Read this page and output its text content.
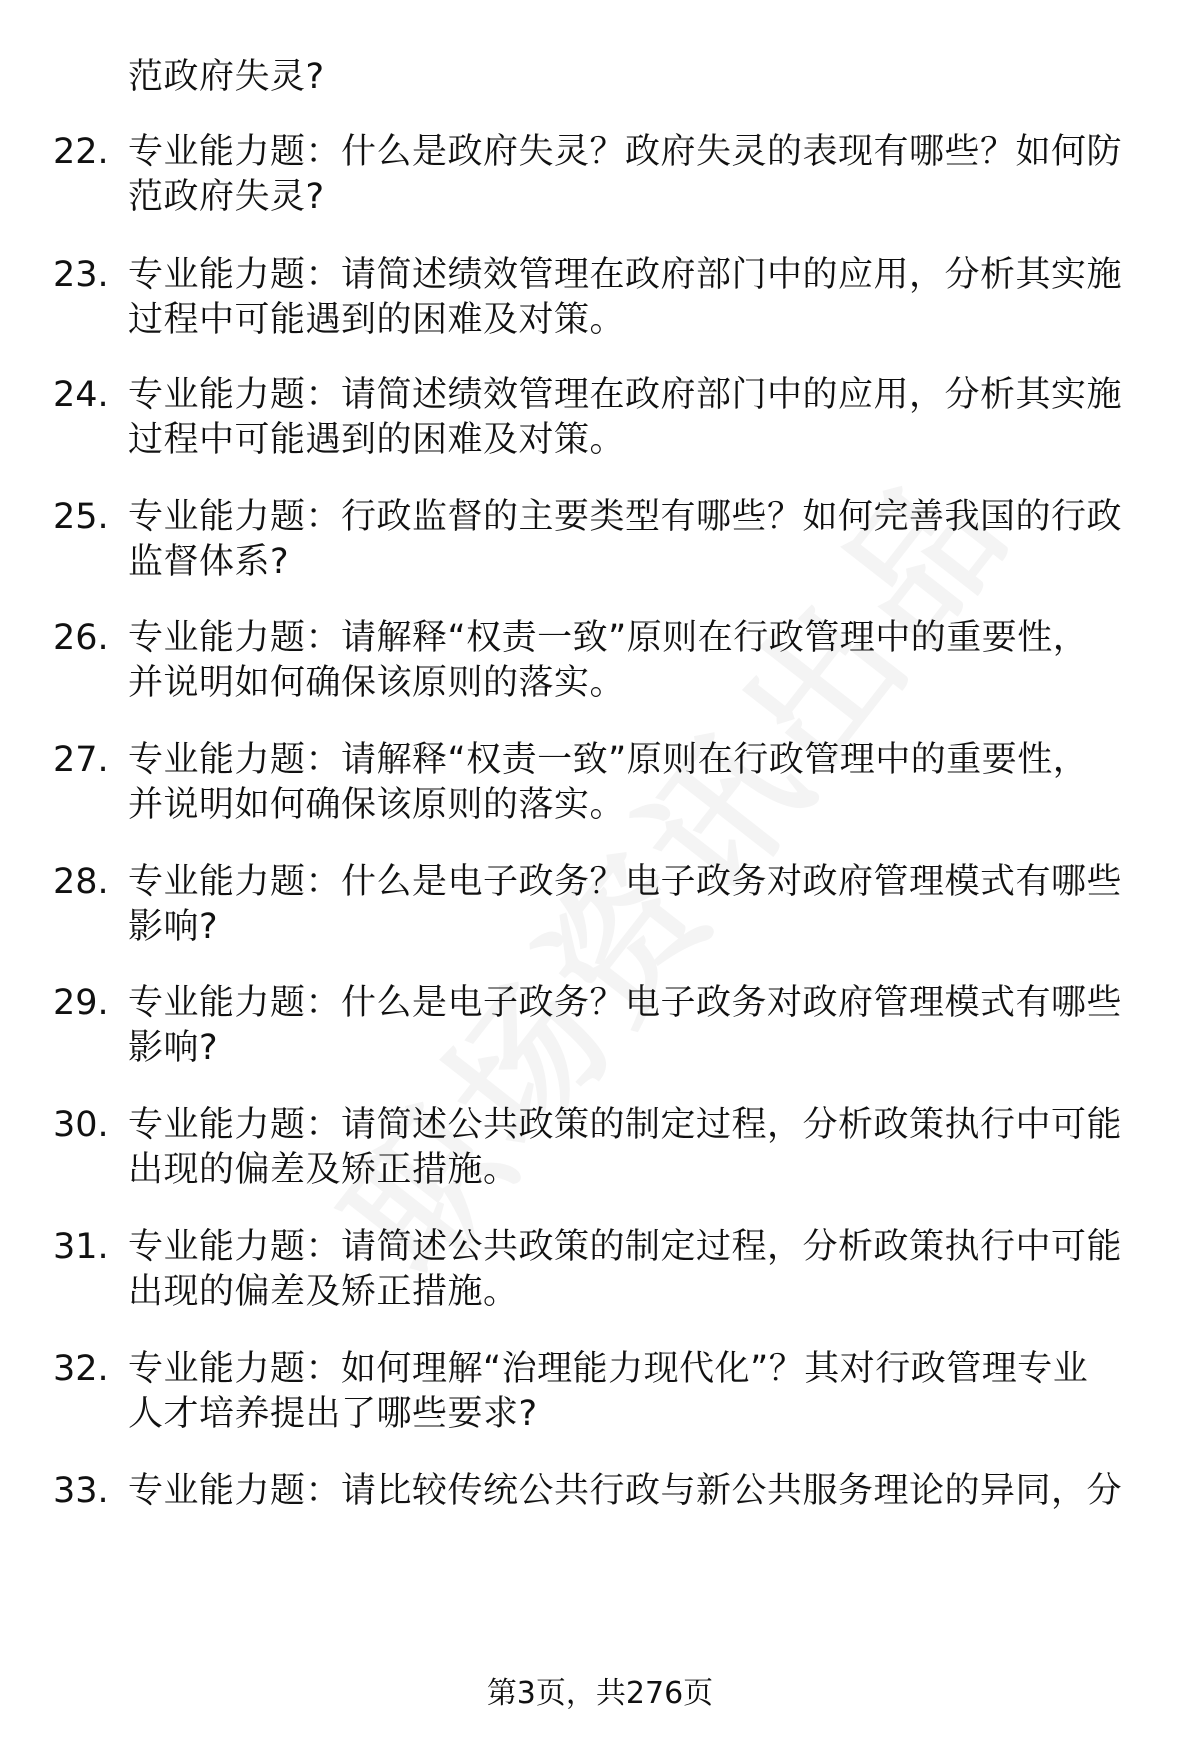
范政府失灵?
22. 专业能力题：什么是政府失灵？政府失灵的表现有哪些？如何防
范政府失灵?
23. 专业能力题：请简述绩效管理在政府部门中的应用，分析其实施
过程中可能遇到的困难及对策。
24. 专业能力题：请简述绩效管理在政府部门中的应用，分析其实施
过程中可能遇到的困难及对策。
25. 专业能力题：行政监督的主要类型有哪些？如何完善我国的行政
监督体系?
26. 专业能力题：请解释“权责一致”原则在行政管理中的重要性，
并说明如何确保该原则的落实。
27. 专业能力题：请解释“权责一致”原则在行政管理中的重要性，
并说明如何确保该原则的落实。
28. 专业能力题：什么是电子政务？电子政务对政府管理模式有哪些
影响?
29. 专业能力题：什么是电子政务？电子政务对政府管理模式有哪些
影响?
30. 专业能力题：请简述公共政策的制定过程，分析政策执行中可能
出现的偏差及矫正措施。
31. 专业能力题：请简述公共政策的制定过程，分析政策执行中可能
出现的偏差及矫正措施。
32. 专业能力题：如何理解“治理能力现代化”？其对行政管理专业
人才培养提出了哪些要求?
33. 专业能力题：请比较传统公共行政与新公共服务理论的异同，分
第3页，共276页
